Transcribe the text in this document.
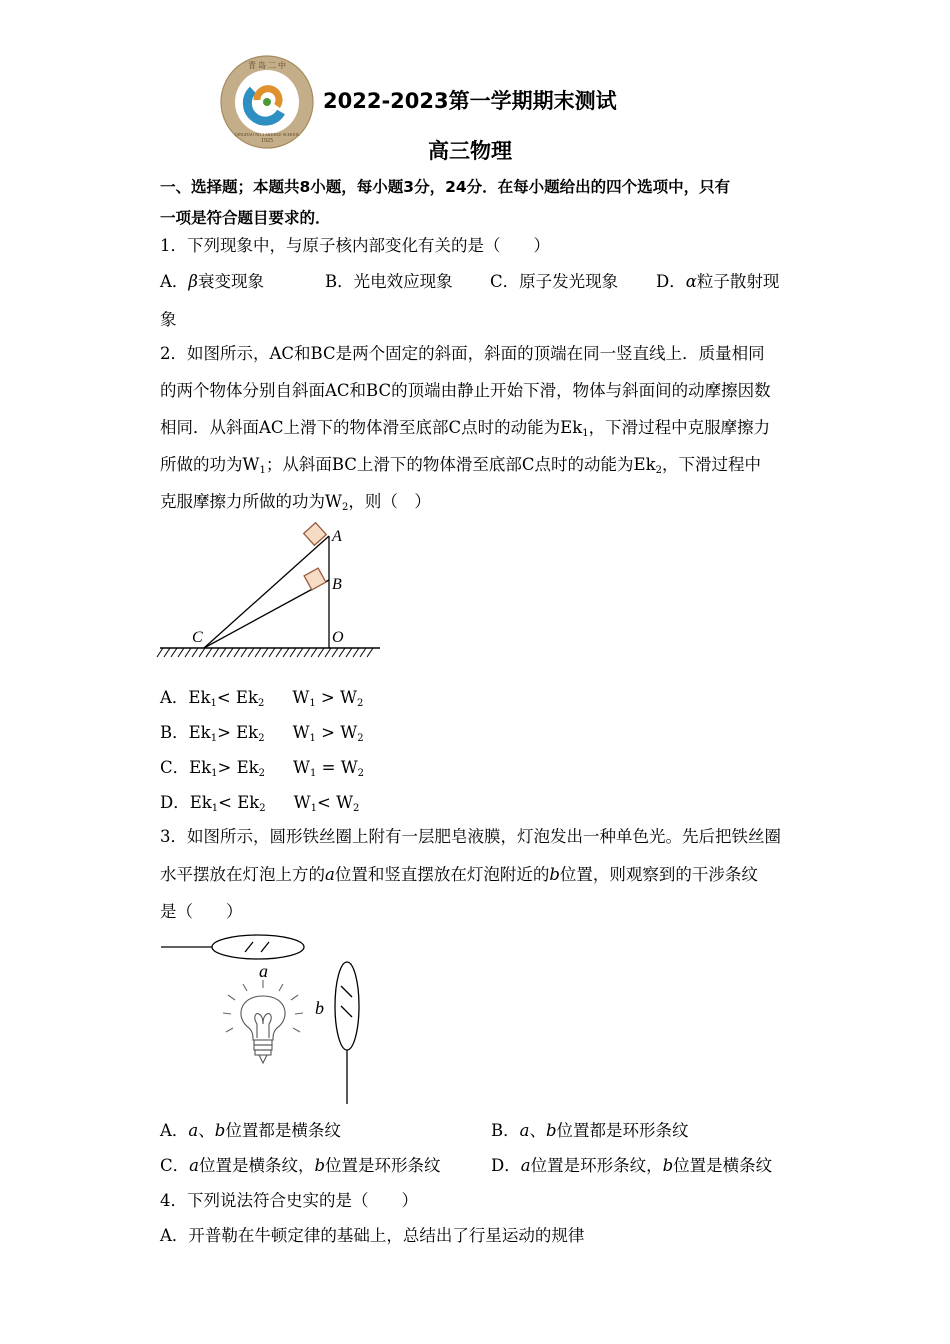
青 岛 二 中
1925
QINGDAO NO.2 MIDDLE SCHOOL
2022-2023第一学期期末测试
高三物理
一、选择题；本题共8小题，每小题3分，24分．在每小题给出的四个选项中，只有
一项是符合题目要求的．
1．下列现象中，与原子核内部变化有关的是（　　）
A．β衰变现象	B．光电效应现象 C．原子发光现象 D．α粒子散射现
象
2．如图所示，AC和BC是两个固定的斜面，斜面的顶端在同一竖直线上．质量相同
的两个物体分别自斜面AC和BC的顶端由静止开始下滑，物体与斜面间的动摩擦因数
相同．从斜面AC上滑下的物体滑至底部C点时的动能为$Ek_1$，下滑过程中克服摩擦力
所做的功为$W_1$；从斜面BC上滑下的物体滑至底部C点时的动能为$Ek_2$，下滑过程中
克服摩擦力所做的功为$W_2$，则（　）
A
B
C	O
A．$Ek_1< Ek_2$ $W_1 > W_2$
B．$Ek_1> Ek_2$ $W_1 > W_2$
C．$Ek_1> Ek_2$ $W_1 = W_2$
D．$Ek_1< Ek_2$ $W_1< W_2$
3．如图所示，圆形铁丝圈上附有一层肥皂液膜，灯泡发出一种单色光。先后把铁丝圈
水平摆放在灯泡上方的a位置和竖直摆放在灯泡附近的b位置，则观察到的干涉条纹
是（　　）
a
b
A．a、b位置都是横条纹	B．a、b位置都是环形条纹
C．a位置是横条纹，b位置是环形条纹	D．a位置是环形条纹，b位置是横条纹
4．下列说法符合史实的是（　　）
A．开普勒在牛顿定律的基础上，总结出了行星运动的规律
